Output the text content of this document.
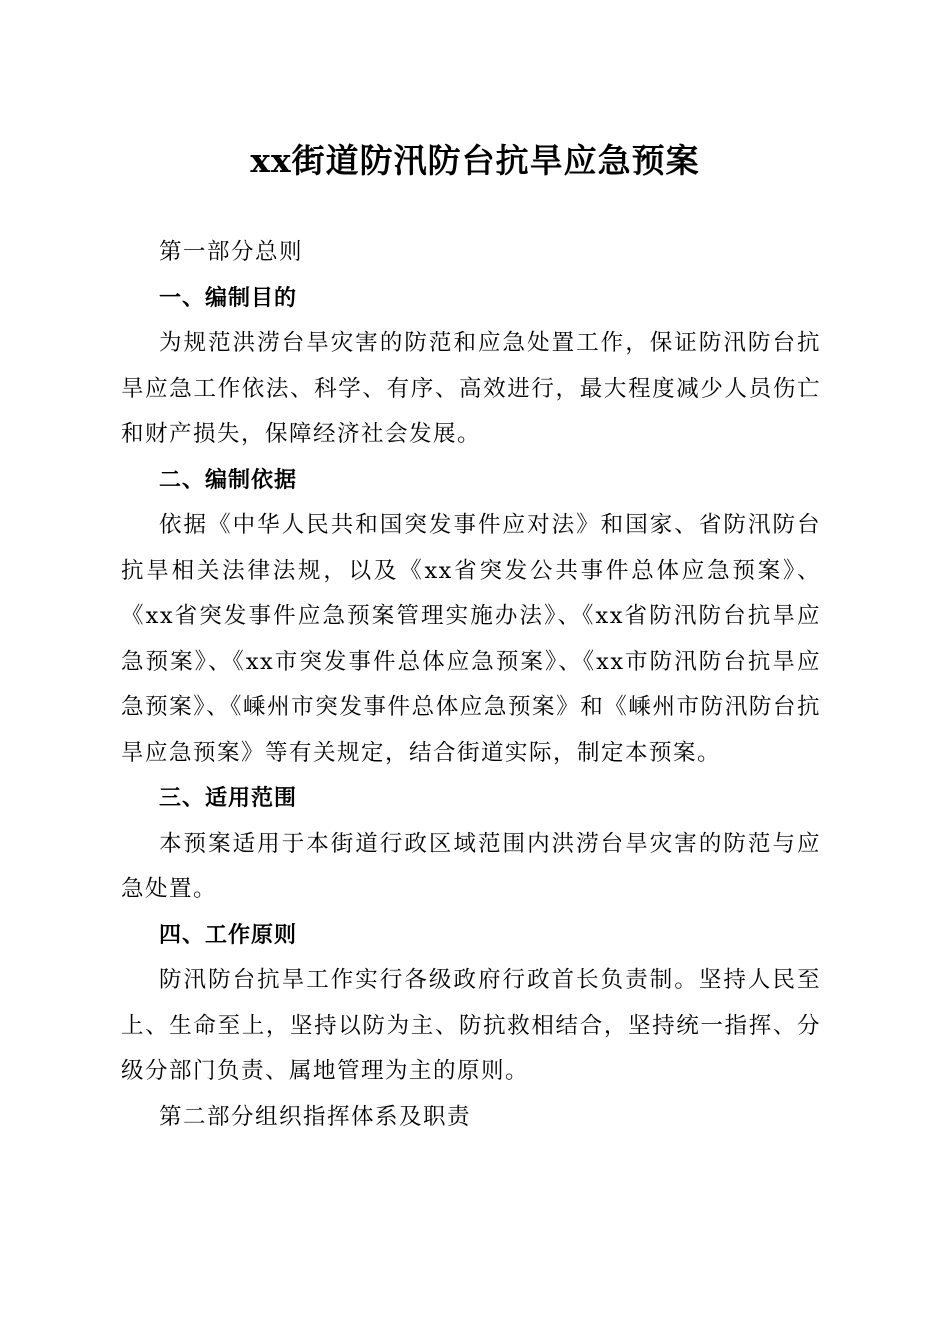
xx街道防汛防台抗旱应急预案

第一部分总则

一、编制目的

为规范洪涝台旱灾害的防范和应急处置工作，保证防汛防台抗旱应急工作依法、科学、有序、高效进行，最大程度减少人员伤亡和财产损失，保障经济社会发展。

二、编制依据

依据《中华人民共和国突发事件应对法》和国家、省防汛防台抗旱相关法律法规，以及《xx省突发公共事件总体应急预案》、《xx省突发事件应急预案管理实施办法》、《xx省防汛防台抗旱应急预案》、《xx市突发事件总体应急预案》、《xx市防汛防台抗旱应急预案》、《嵊州市突发事件总体应急预案》和《嵊州市防汛防台抗旱应急预案》等有关规定，结合街道实际，制定本预案。

三、适用范围

本预案适用于本街道行政区域范围内洪涝台旱灾害的防范与应急处置。

四、工作原则

防汛防台抗旱工作实行各级政府行政首长负责制。坚持人民至上、生命至上，坚持以防为主、防抗救相结合，坚持统一指挥、分级分部门负责、属地管理为主的原则。

第二部分组织指挥体系及职责
